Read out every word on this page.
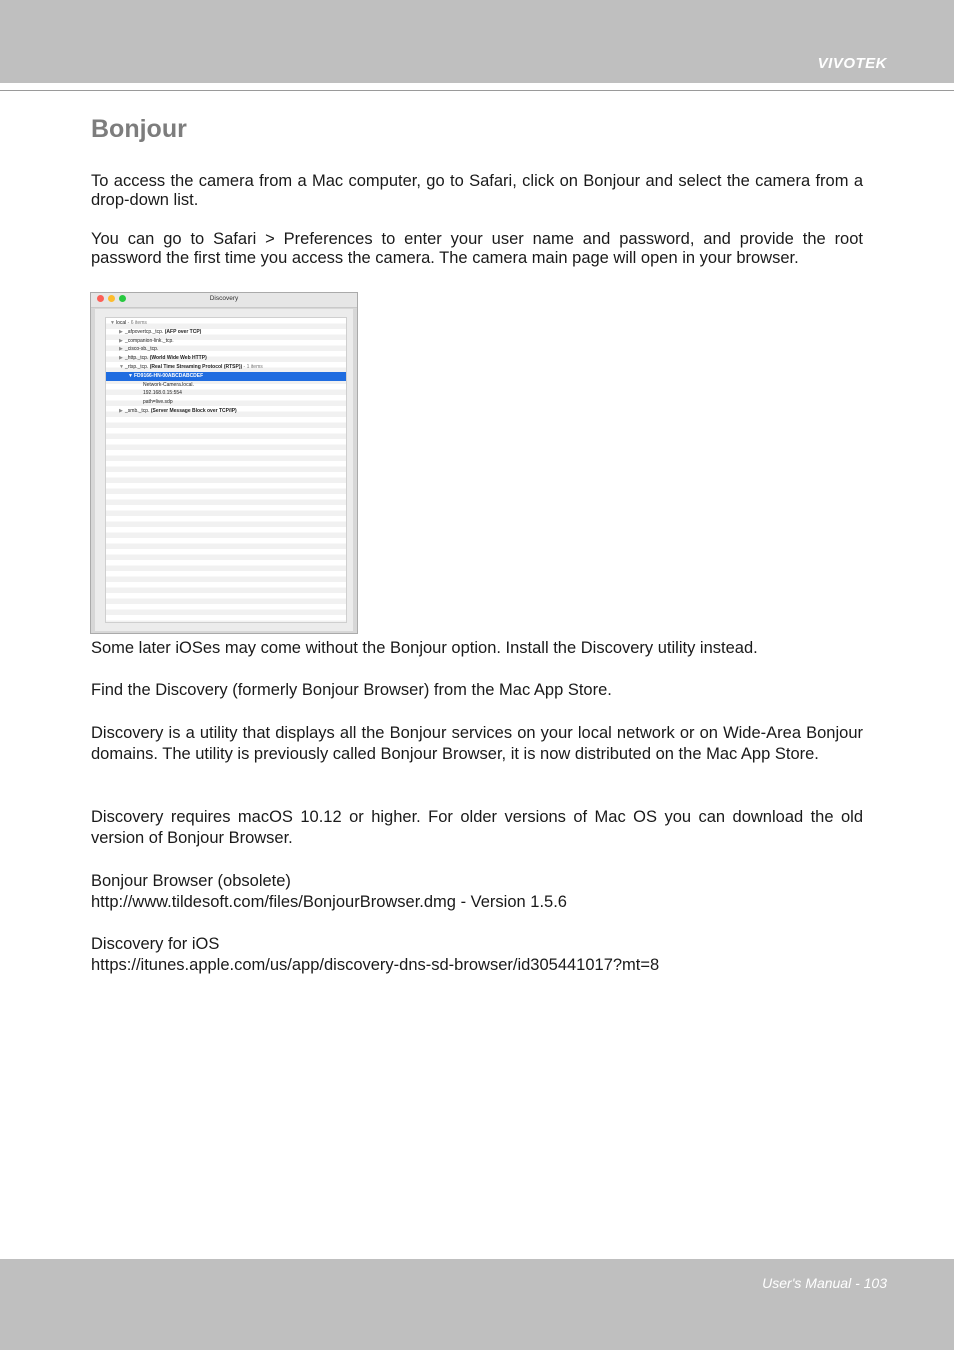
VIVOTEK
Bonjour

To access the camera from a Mac computer, go to Safari, click on Bonjour and select the camera from a drop-down list.

You can go to Safari > Preferences to enter your user name and password, and provide the root password the first time you access the camera. The camera main page will open in your browser.

Discovery
▼local - 6 items
▶ _afpovertcp._tcp. (AFP over TCP)
▶ _companion-link._tcp.
▶ _cisco-sb._tcp.
▶ _http._tcp. (World Wide Web HTTP)
▼_rtsp._tcp. (Real Time Streaming Protocol (RTSP)) - 1 items
▼FD9166-HN-00ABCDABCDEF
Network-Camera.local.
192.168.0.15:554
path=live.sdp
▶ _smb._tcp. (Server Message Block over TCP/IP)

Some later iOSes may come without the Bonjour option. Install the Discovery utility instead.

Find the Discovery (formerly Bonjour Browser) from the Mac App Store.

Discovery is a utility that displays all the Bonjour services on your local network or on Wide-Area Bonjour domains. The utility is previously called Bonjour Browser, it is now distributed on the Mac App Store.

Discovery requires macOS 10.12 or higher. For older versions of Mac OS you can download the old version of Bonjour Browser.

Bonjour Browser (obsolete)

http://www.tildesoft.com/files/BonjourBrowser.dmg - Version 1.5.6

Discovery for iOS

https://itunes.apple.com/us/app/discovery-dns-sd-browser/id305441017?mt=8

User's Manual - 103
